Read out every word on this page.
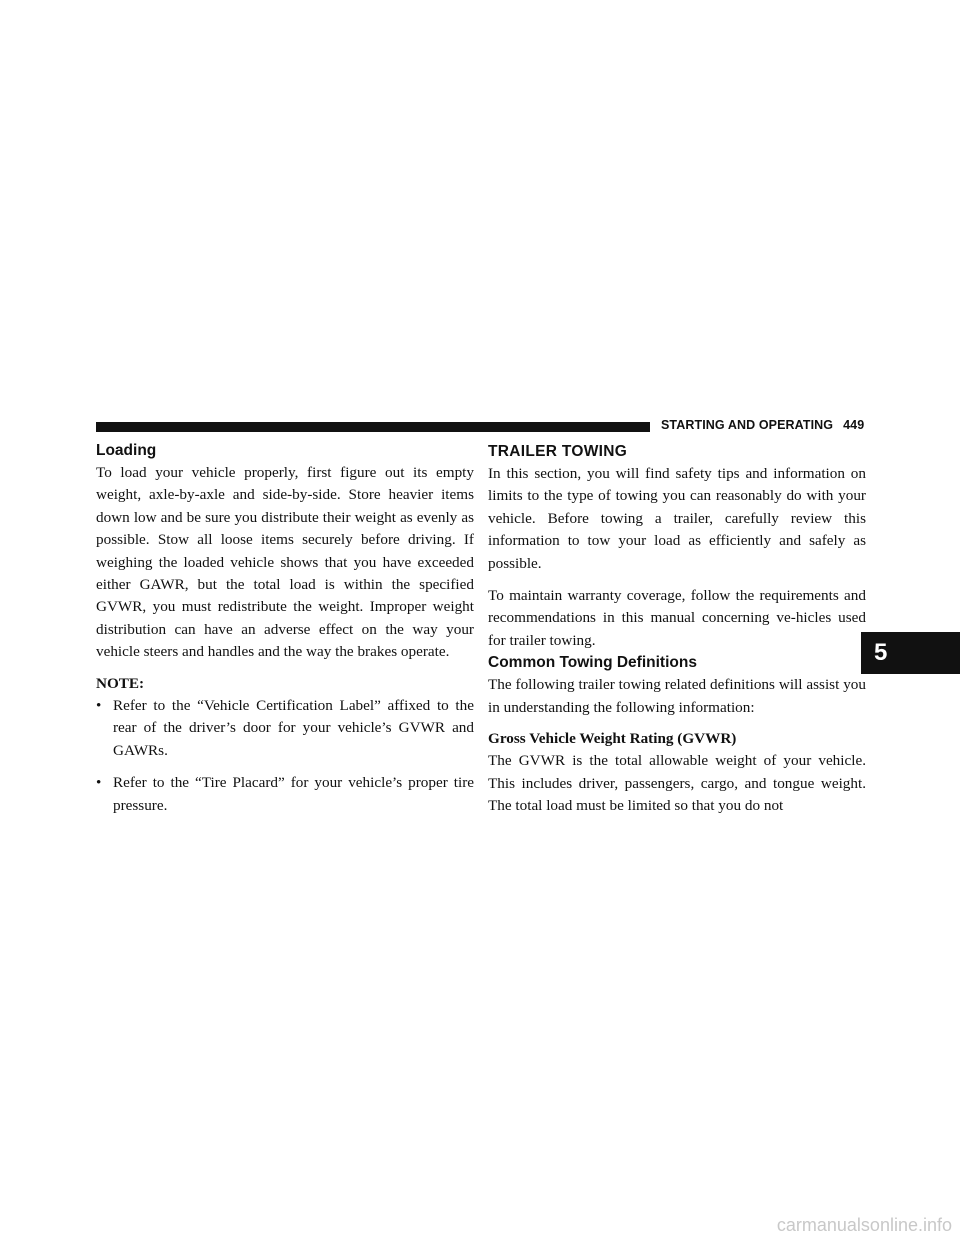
STARTING AND OPERATING 449
Loading

To load your vehicle properly, first figure out its empty weight, axle-by-axle and side-by-side. Store heavier items down low and be sure you distribute their weight as evenly as possible. Stow all loose items securely before driving. If weighing the loaded vehicle shows that you have exceeded either GAWR, but the total load is within the specified GVWR, you must redistribute the weight. Improper weight distribution can have an adverse effect on the way your vehicle steers and handles and the way the brakes operate.

NOTE:
• Refer to the “Vehicle Certification Label” affixed to the rear of the driver’s door for your vehicle’s GVWR and GAWRs.
• Refer to the “Tire Placard” for your vehicle’s proper tire pressure.
TRAILER TOWING

In this section, you will find safety tips and information on limits to the type of towing you can reasonably do with your vehicle. Before towing a trailer, carefully review this information to tow your load as efficiently and safely as possible.

To maintain warranty coverage, follow the requirements and recommendations in this manual concerning ve-hicles used for trailer towing.

Common Towing Definitions

The following trailer towing related definitions will assist you in understanding the following information:

Gross Vehicle Weight Rating (GVWR)

The GVWR is the total allowable weight of your vehicle. This includes driver, passengers, cargo, and tongue weight. The total load must be limited so that you do not

5
carmanualsonline.info
